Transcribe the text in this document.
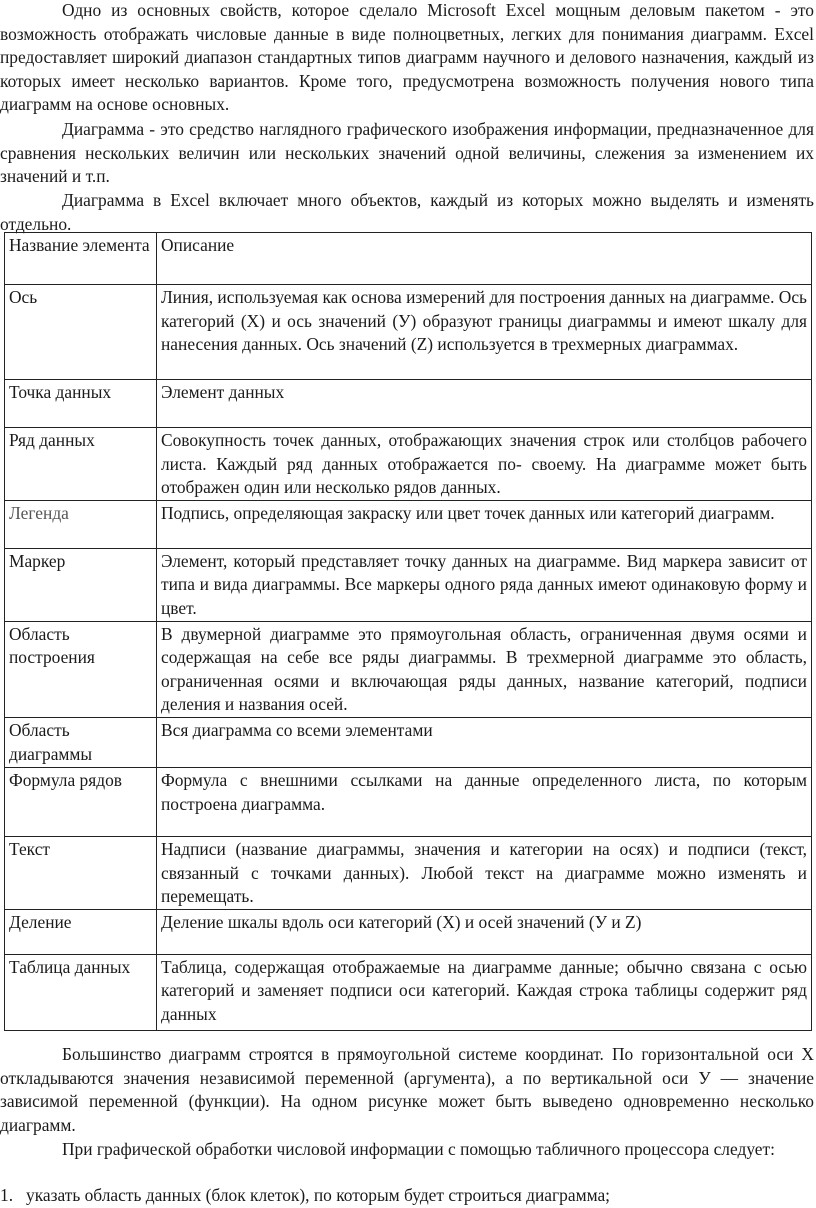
Одно из основных свойств, которое сделало Microsoft Excel мощным деловым пакетом - это возможность отображать числовые данные в виде полноцветных, легких для понимания диаграмм. Excel предоставляет широкий диапазон стандартных типов диаграмм научного и делового назначения, каждый из которых имеет несколько вариантов. Кроме того, предусмотрена возможность получения нового типа диаграмм на основе основных.

Диаграмма - это средство наглядного графического изображения информации, предназначенное для сравнения нескольких величин или нескольких значений одной величины, слежения за изменением их значений и т.п.

Диаграмма в Excel включает много объектов, каждый из которых можно выделять и изменять отдельно.

Название элемента	Описание
Ось	Линия, используемая как основа измерений для построения данных на диаграмме. Ось категорий (X) и ось значений (У) образуют границы диаграммы и имеют шкалу для нанесения данных. Ось значений (Z) используется в трехмерных диаграммах.
Точка данных	Элемент данных
Ряд данных	Совокупность точек данных, отображающих значения строк или столбцов рабочего листа. Каждый ряд данных отображается по- своему. На диаграмме может быть отображен один или несколько рядов данных.
Легенда	Подпись, определяющая закраску или цвет точек данных или категорий диаграмм.
Маркер	Элемент, который представляет точку данных на диаграмме. Вид маркера зависит от типа и вида диаграммы. Все маркеры одного ряда данных имеют одинаковую форму и цвет.
Область построения	В двумерной диаграмме это прямоугольная область, ограниченная двумя осями и содержащая на себе все ряды диаграммы. В трехмерной диаграмме это область, ограниченная осями и включающая ряды данных, название категорий, подписи деления и названия осей.
Область диаграммы	Вся диаграмма со всеми элементами
Формула рядов	Формула с внешними ссылками на данные определенного листа, по которым построена диаграмма.
Текст	Надписи (название диаграммы, значения и категории на осях) и подписи (текст, связанный с точками данных). Любой текст на диаграмме можно изменять и перемещать.
Деление	Деление шкалы вдоль оси категорий (X) и осей значений (У и Z)
Таблица данных	Таблица, содержащая отображаемые на диаграмме данные; обычно связана с осью категорий и заменяет подписи оси категорий. Каждая строка таблицы содержит ряд данных

Большинство диаграмм строятся в прямоугольной системе координат. По горизонтальной оси X откладываются значения независимой переменной (аргумента), а по вертикальной оси У — значение зависимой переменной (функции). На одном рисунке может быть выведено одновременно несколько диаграмм.

При графической обработки числовой информации с помощью табличного процессора следует:

1. указать область данных (блок клеток), по которым будет строиться диаграмма;
